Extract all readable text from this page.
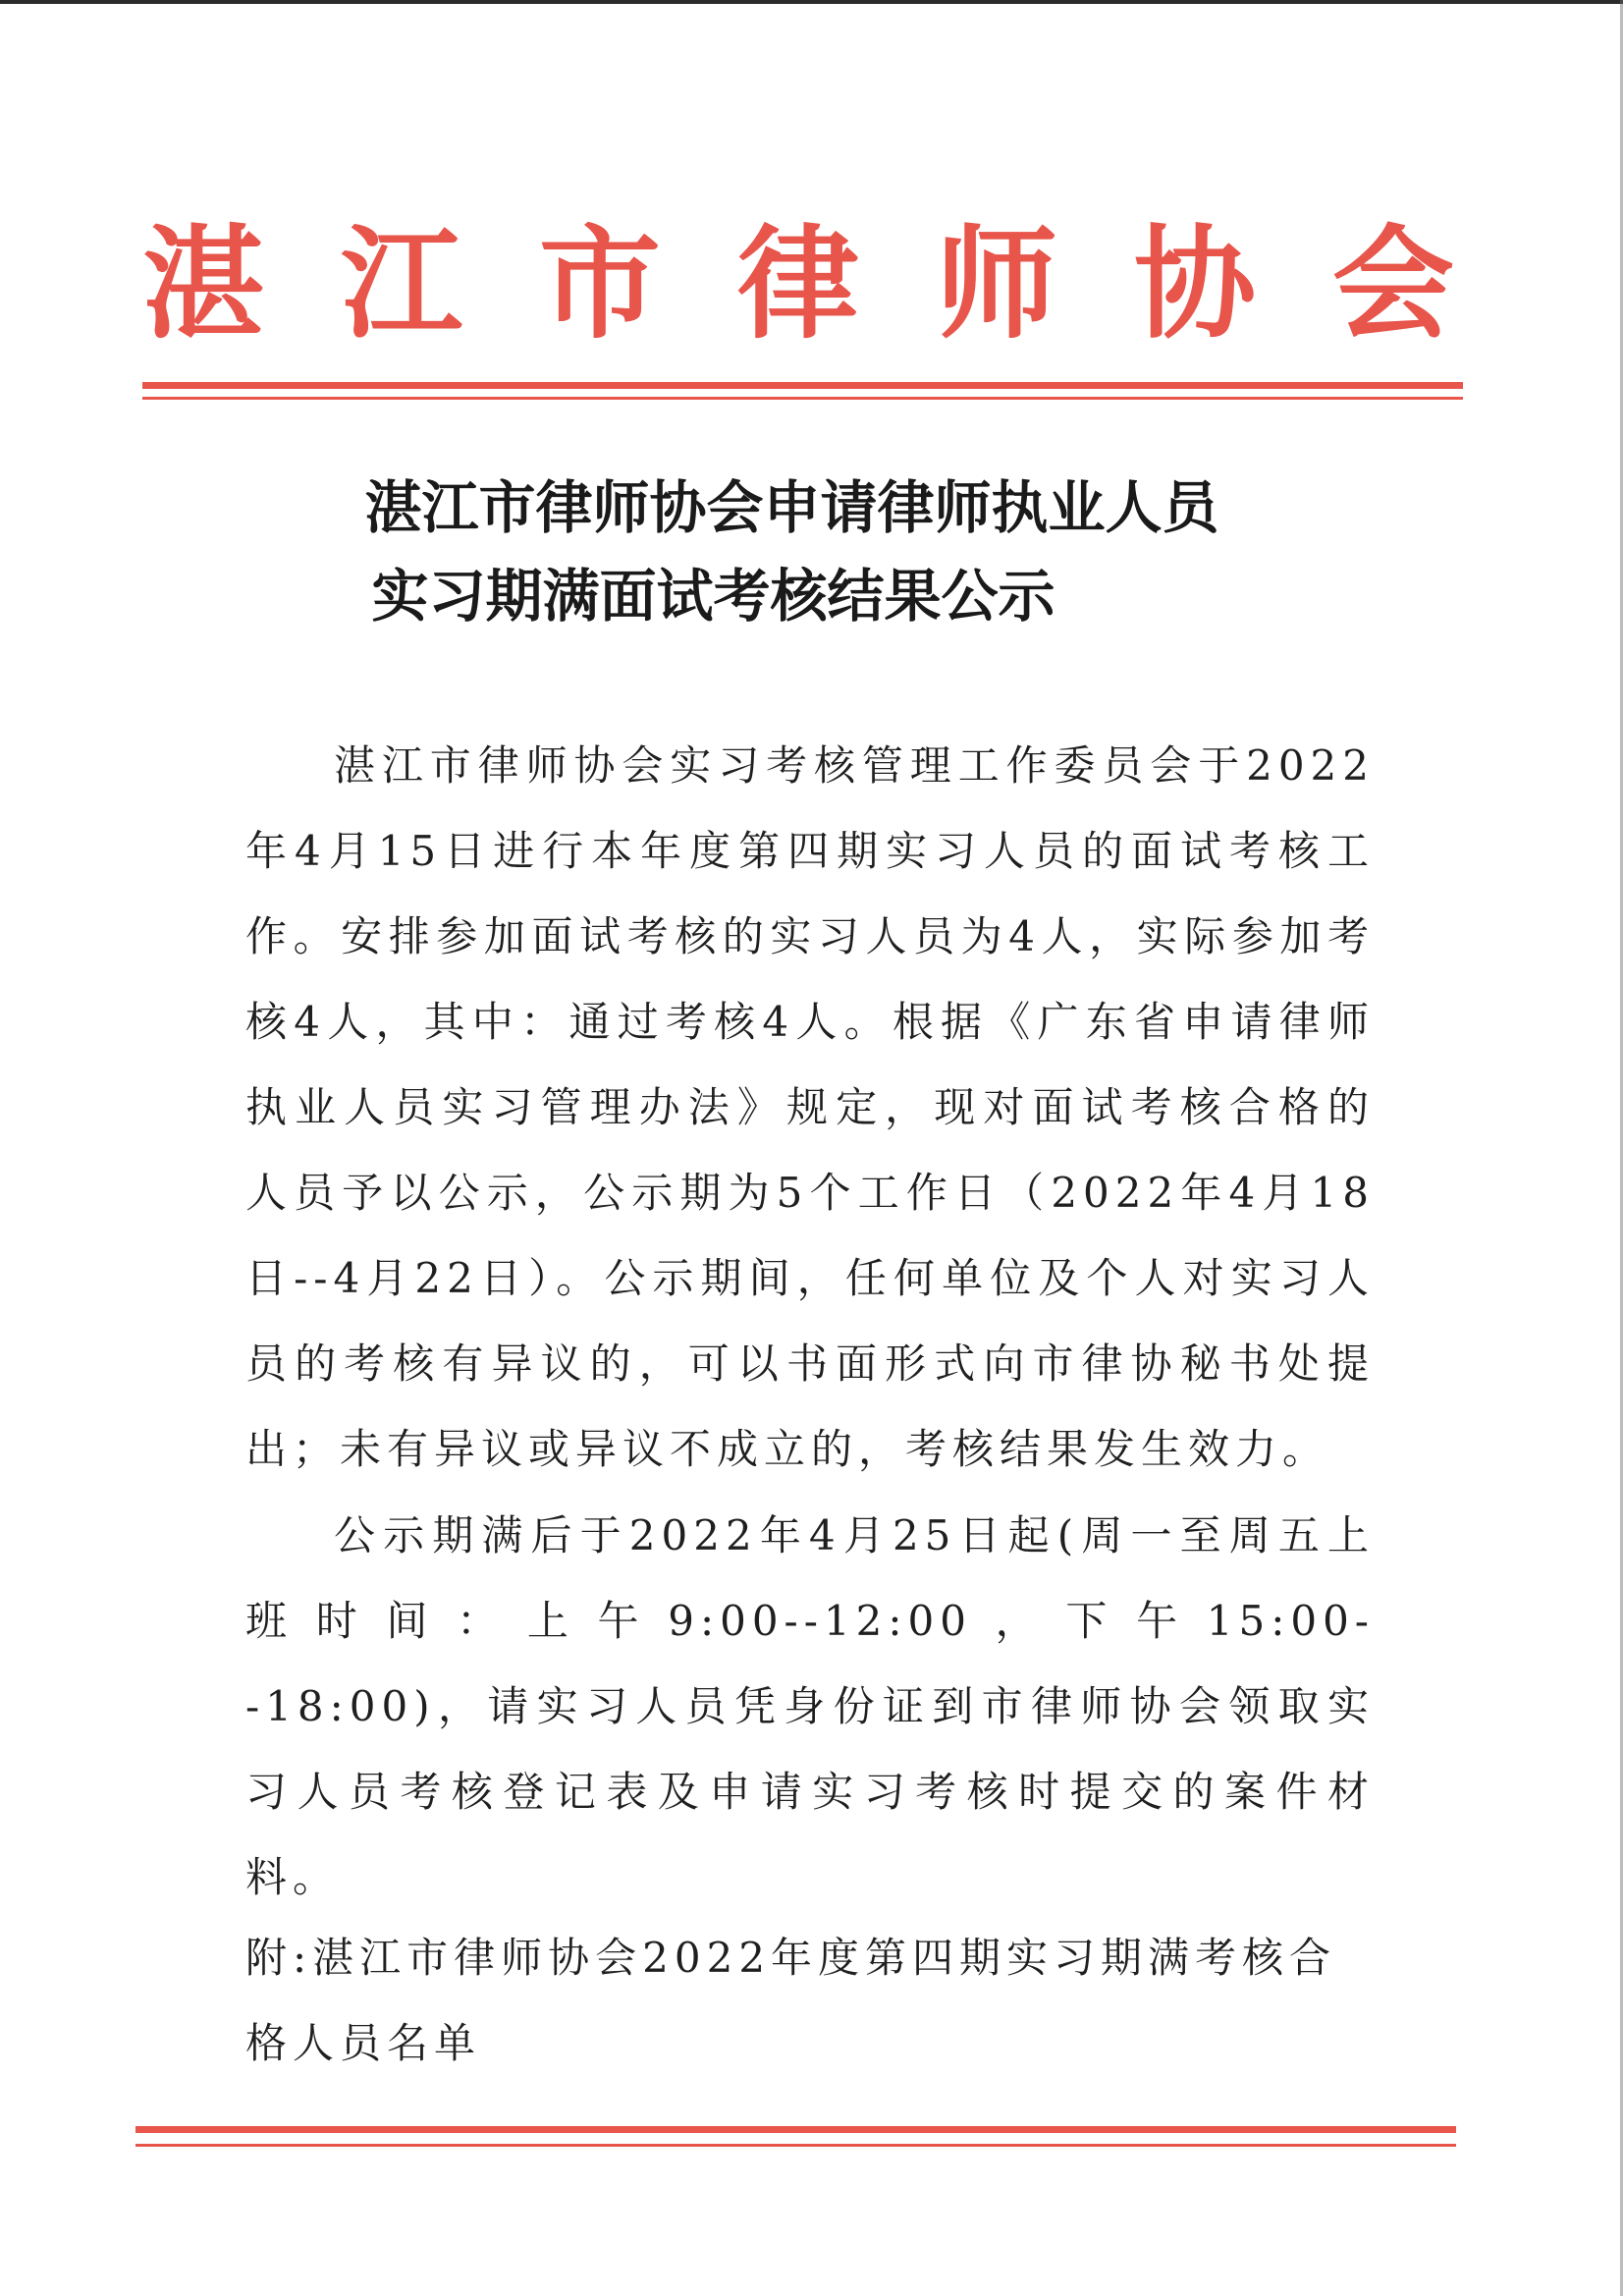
湛江市律师协会
湛江市律师协会申请律师执业人员
实习期满面试考核结果公示

湛江市律师协会实习考核管理工作委员会于2022年4月15日进行本年度第四期实习人员的面试考核工作。安排参加面试考核的实习人员为4人，实际参加考核4人，其中：通过考核4人。根据《广东省申请律师执业人员实习管理办法》规定，现对面试考核合格的人员予以公示，公示期为5个工作日（2022年4月18日--4月22日）。公示期间，任何单位及个人对实习人员的考核有异议的，可以书面形式向市律协秘书处提出；未有异议或异议不成立的，考核结果发生效力。

公示期满后于2022年4月25日起(周一至周五上班时间：上午9:00--12:00，下午15:00--18:00)，请实习人员凭身份证到市律师协会领取实习人员考核登记表及申请实习考核时提交的案件材料。

附:湛江市律师协会2022年度第四期实习期满考核合格人员名单
